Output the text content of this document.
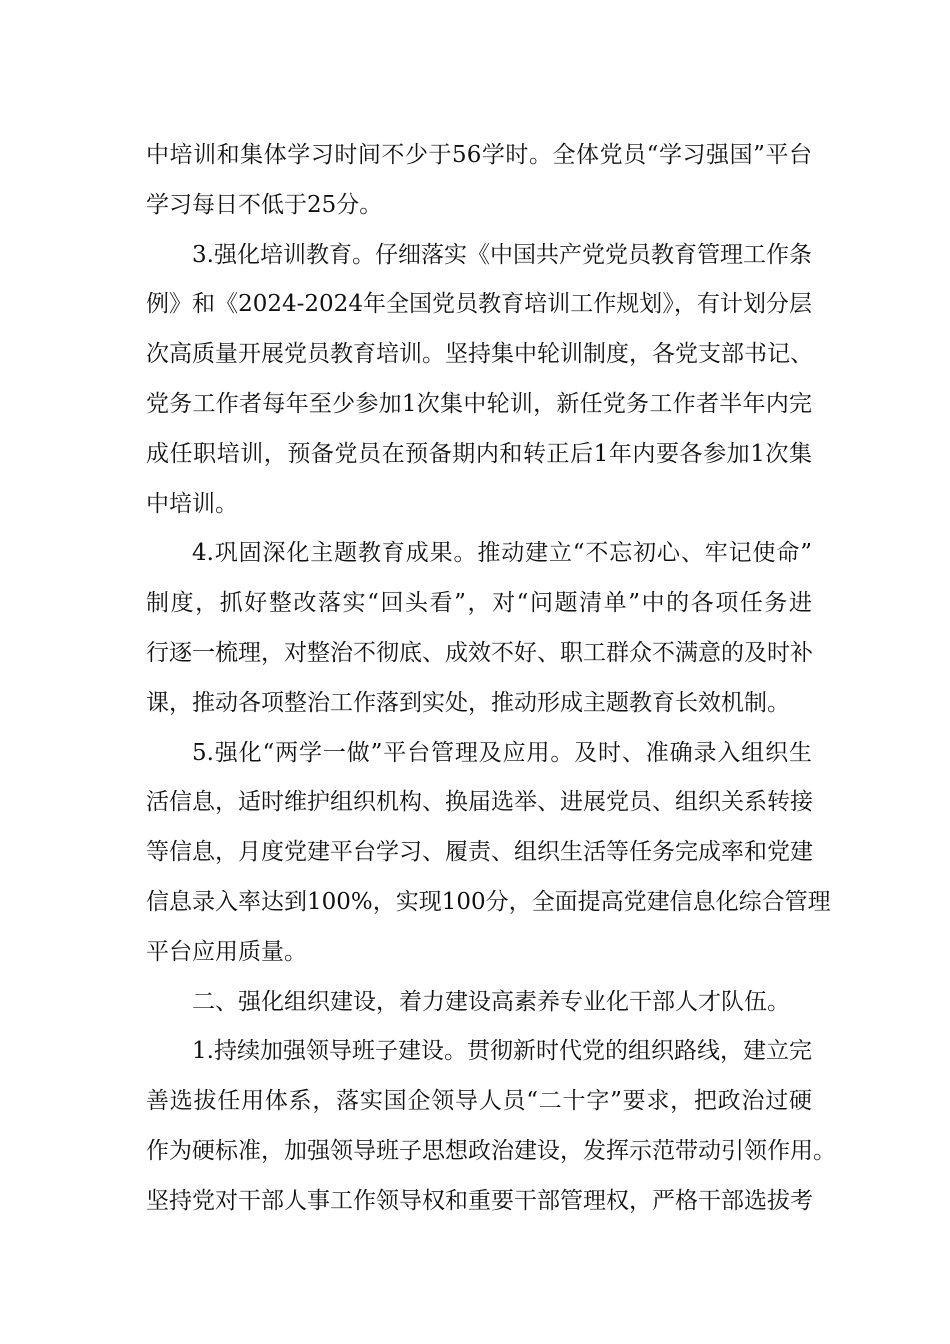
中培训和集体学习时间不少于56学时。全体党员“学习强国”平台
学习每日不低于25分。
3.强化培训教育。仔细落实《中国共产党党员教育管理工作条
例》和《2024-2024年全国党员教育培训工作规划》，有计划分层
次高质量开展党员教育培训。坚持集中轮训制度，各党支部书记、
党务工作者每年至少参加1次集中轮训，新任党务工作者半年内完
成任职培训，预备党员在预备期内和转正后1年内要各参加1次集
中培训。
4.巩固深化主题教育成果。推动建立“不忘初心、牢记使命”
制度，抓好整改落实“回头看”，对“问题清单”中的各项任务进
行逐一梳理，对整治不彻底、成效不好、职工群众不满意的及时补
课，推动各项整治工作落到实处，推动形成主题教育长效机制。
5.强化“两学一做”平台管理及应用。及时、准确录入组织生
活信息，适时维护组织机构、换届选举、进展党员、组织关系转接
等信息，月度党建平台学习、履责、组织生活等任务完成率和党建
信息录入率达到100%，实现100分，全面提高党建信息化综合管理
平台应用质量。
二、强化组织建设，着力建设高素养专业化干部人才队伍。
1.持续加强领导班子建设。贯彻新时代党的组织路线，建立完
善选拔任用体系，落实国企领导人员“二十字”要求，把政治过硬
作为硬标准，加强领导班子思想政治建设，发挥示范带动引领作用。
坚持党对干部人事工作领导权和重要干部管理权，严格干部选拔考
